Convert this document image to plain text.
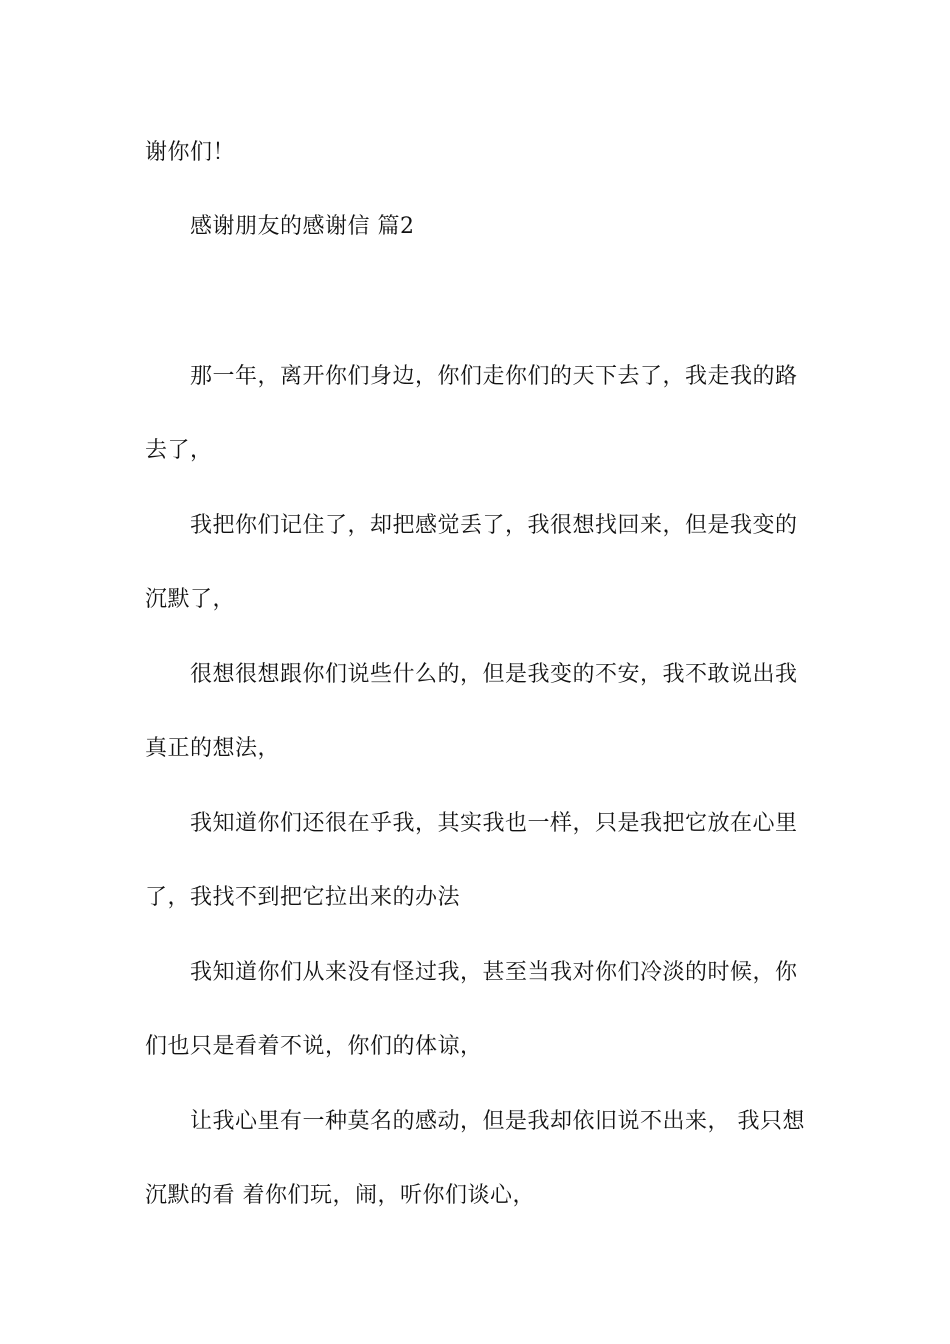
谢你们！
感谢朋友的感谢信 篇2
那一年，离开你们身边，你们走你们的天下去了，我走我的路
去了，
我把你们记住了，却把感觉丢了，我很想找回来，但是我变的
沉默了，
很想很想跟你们说些什么的，但是我变的不安，我不敢说出我
真正的想法，
我知道你们还很在乎我，其实我也一样，只是我把它放在心里
了，我找不到把它拉出来的办法
我知道你们从来没有怪过我，甚至当我对你们冷淡的时候，你
们也只是看着不说，你们的体谅，
让我心里有一种莫名的感动，但是我却依旧说不出来， 我只想
沉默的看 着你们玩，闹，听你们谈心，
